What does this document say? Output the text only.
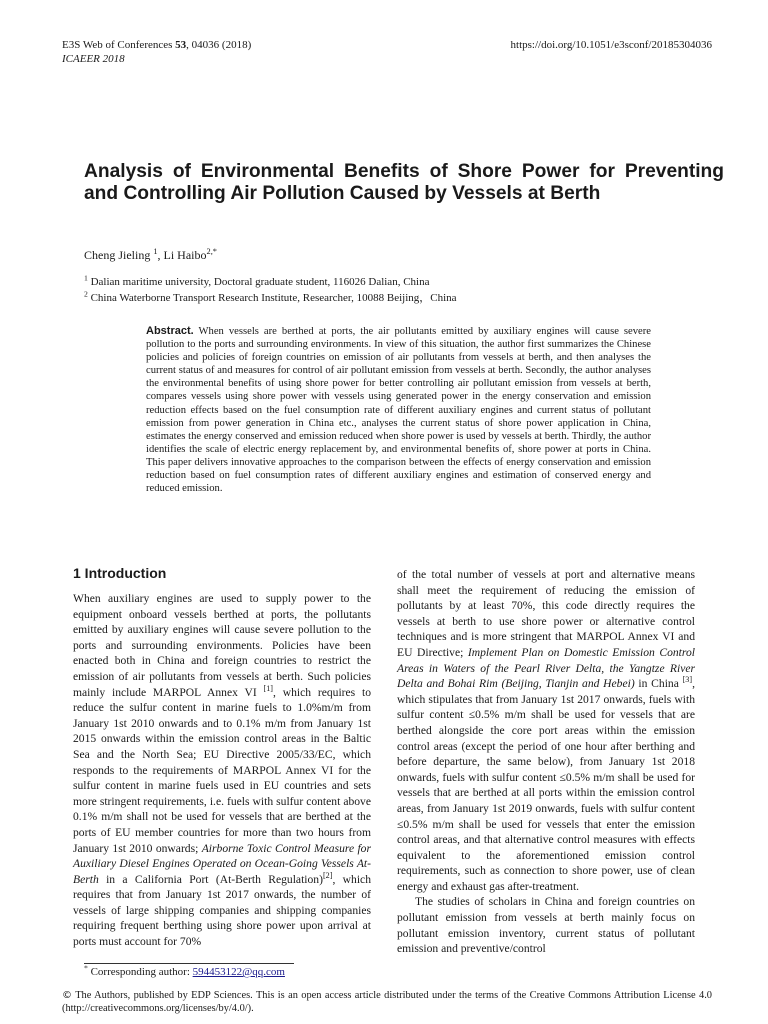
E3S Web of Conferences 53, 04036 (2018)
ICAEER 2018
https://doi.org/10.1051/e3sconf/20185304036
Analysis of Environmental Benefits of Shore Power for Preventing and Controlling Air Pollution Caused by Vessels at Berth
Cheng Jieling $^1$, Li Haibo$^{2,*}$
$^1$ Dalian maritime university, Doctoral graduate student, 116026 Dalian, China
$^2$ China Waterborne Transport Research Institute, Researcher, 10088 Beijing，China
Abstract. When vessels are berthed at ports, the air pollutants emitted by auxiliary engines will cause severe pollution to the ports and surrounding environments. In view of this situation, the author first summarizes the Chinese policies and policies of foreign countries on emission of air pollutants from vessels at berth, and then analyses the current status of and measures for control of air pollutant emission from vessels at berth. Secondly, the author analyses the environmental benefits of using shore power for better controlling air pollutant emission from vessels at berth, compares vessels using shore power with vessels using generated power in the energy conservation and emission reduction effects based on the fuel consumption rate of different auxiliary engines and current status of pollutant emission from power generation in China etc., analyses the current status of shore power application in China, estimates the energy conserved and emission reduced when shore power is used by vessels at berth. Thirdly, the author identifies the scale of electric energy replacement by, and environmental benefits of, shore power at ports in China. This paper delivers innovative approaches to the comparison between the effects of energy conservation and emission reduction based on fuel consumption rates of different auxiliary engines and estimation of conserved energy and reduced emission.
1 Introduction

When auxiliary engines are used to supply power to the equipment onboard vessels berthed at ports, the pollutants emitted by auxiliary engines will cause severe pollution to the ports and surrounding environments. Policies have been enacted both in China and foreign countries to restrict the emission of air pollutants from vessels at berth. Such policies mainly include MARPOL Annex VI [1], which requires to reduce the sulfur content in marine fuels to 1.0%m/m from January 1st 2010 onwards and to 0.1% m/m from January 1st 2015 onwards within the emission control areas in the Baltic Sea and the North Sea; EU Directive 2005/33/EC, which responds to the requirements of MARPOL Annex VI for the sulfur content in marine fuels used in EU countries and sets more stringent requirements, i.e. fuels with sulfur content above 0.1% m/m shall not be used for vessels that are berthed at the ports of EU member countries for more than two hours from January 1st 2010 onwards; Airborne Toxic Control Measure for Auxiliary Diesel Engines Operated on Ocean-Going Vessels At-Berth in a California Port (At-Berth Regulation)[2], which requires that from January 1st 2017 onwards, the number of vessels of large shipping companies and shipping companies requiring frequent berthing using shore power upon arrival at ports must account for 70%

of the total number of vessels at port and alternative means shall meet the requirement of reducing the emission of pollutants by at least 70%, this code directly requires the vessels at berth to use shore power or alternative control techniques and is more stringent that MARPOL Annex VI and EU Directive; Implement Plan on Domestic Emission Control Areas in Waters of the Pearl River Delta, the Yangtze River Delta and Bohai Rim (Beijing, Tianjin and Hebei) in China [3], which stipulates that from January 1st 2017 onwards, fuels with sulfur content ≤0.5% m/m shall be used for vessels that are berthed alongside the core port areas within the emission control areas (except the period of one hour after berthing and before departure, the same below), from January 1st 2018 onwards, fuels with sulfur content ≤0.5% m/m shall be used for vessels that are berthed at all ports within the emission control areas, from January 1st 2019 onwards, fuels with sulfur content ≤0.5% m/m shall be used for vessels that enter the emission control areas, and that alternative control measures with effects equivalent to the aforementioned emission control requirements, such as connection to shore power, use of clean energy and exhaust gas after-treatment.

The studies of scholars in China and foreign countries on pollutant emission from vessels at berth mainly focus on pollutant emission inventory, current status of pollutant emission and preventive/control

* Corresponding author: 594453122@qq.com
© The Authors, published by EDP Sciences. This is an open access article distributed under the terms of the Creative Commons Attribution License 4.0 (http://creativecommons.org/licenses/by/4.0/).
